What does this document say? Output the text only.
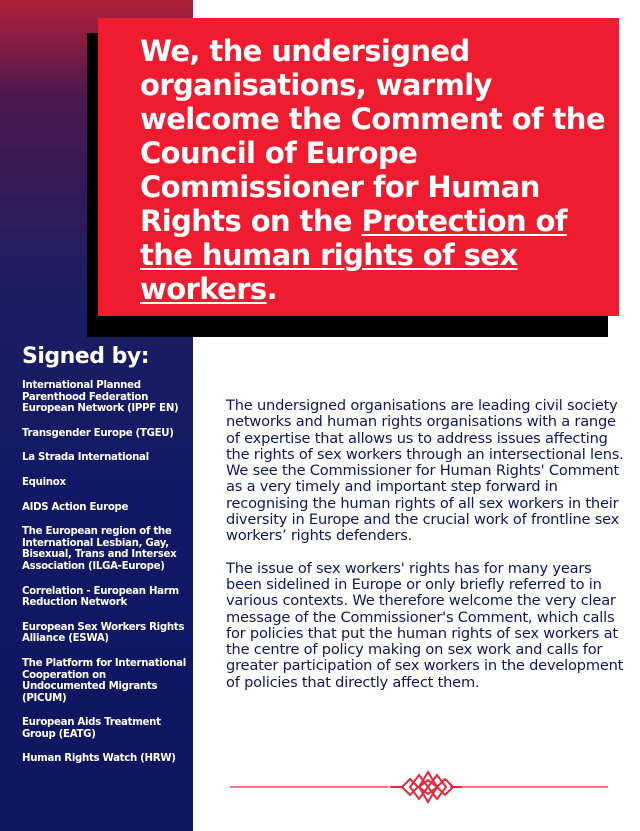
We, the undersigned organisations, warmly welcome the Comment of the Council of Europe Commissioner for Human Rights on the Protection of the human rights of sex workers.
Signed by:
International Planned Parenthood Federation European Network (IPPF EN)
Transgender Europe (TGEU)
La Strada International
Equinox
AIDS Action Europe
The European region of the International Lesbian, Gay, Bisexual, Trans and Intersex Association (ILGA-Europe)
Correlation - European Harm Reduction Network
European Sex Workers Rights Alliance (ESWA)
The Platform for International Cooperation on Undocumented Migrants (PICUM)
European Aids Treatment Group (EATG)
Human Rights Watch (HRW)

The undersigned organisations are leading civil society networks and human rights organisations with a range of expertise that allows us to address issues affecting the rights of sex workers through an intersectional lens. We see the Commissioner for Human Rights' Comment as a very timely and important step forward in recognising the human rights of all sex workers in their diversity in Europe and the crucial work of frontline sex workers’ rights defenders.

The issue of sex workers' rights has for many years been sidelined in Europe or only briefly referred to in various contexts. We therefore welcome the very clear message of the Commissioner's Comment, which calls for policies that put the human rights of sex workers at the centre of policy making on sex work and calls for greater participation of sex workers in the development of policies that directly affect them.
